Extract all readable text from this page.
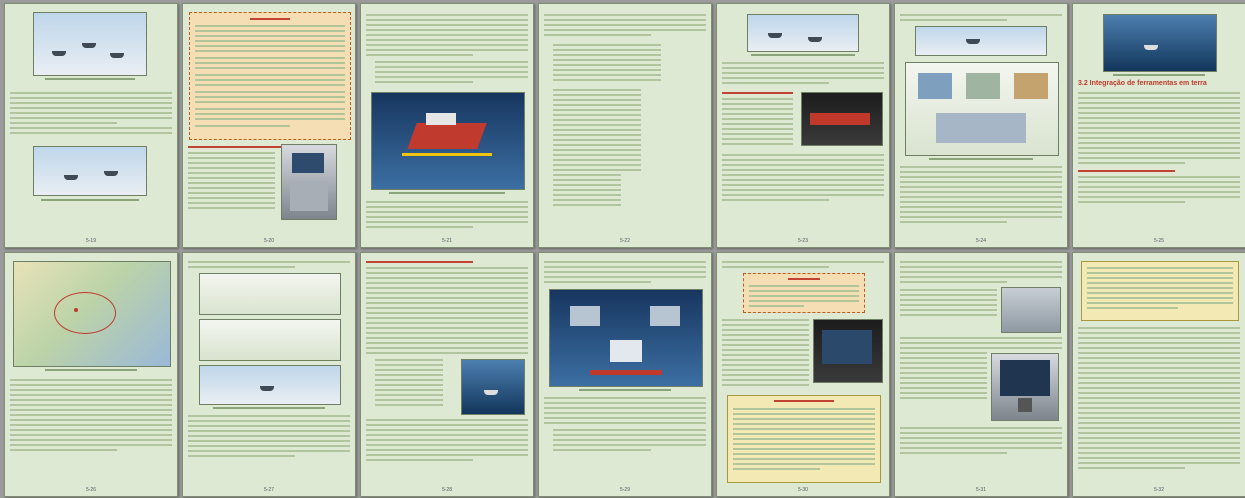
5-19	5-20	5-21	5-22	5-23	5-24
3.2 Integração de ferramentas em terra
5-25
5-26	5-27	5-28	5-29	5-30	5-31	5-32
